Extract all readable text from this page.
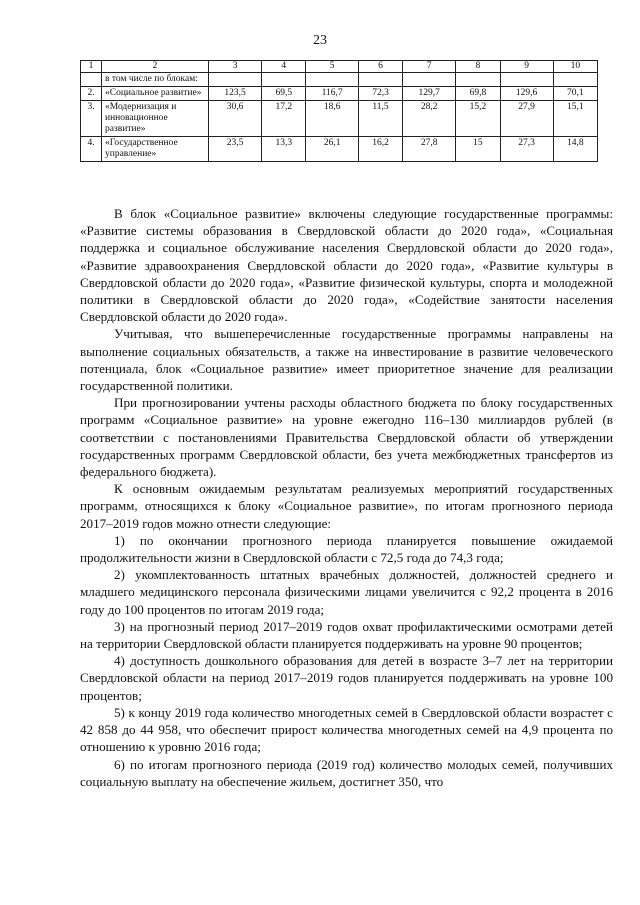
23
1	2	3	4	5	6	7	8	9	10
	в том числе по блокам:								
2.	«Социальное развитие»	123,5	69,5	116,7	72,3	129,7	69,8	129,6	70,1
3.	«Модернизация и инновационное развитие»	30,6	17,2	18,6	11,5	28,2	15,2	27,9	15,1
4.	«Государственное управление»	23,5	13,3	26,1	16,2	27,8	15	27,3	14,8

В блок «Социальное развитие» включены следующие государственные программы: «Развитие системы образования в Свердловской области до 2020 года», «Социальная поддержка и социальное обслуживание населения Свердловской области до 2020 года», «Развитие здравоохранения Свердловской области до 2020 года», «Развитие культуры в Свердловской области до 2020 года», «Развитие физической культуры, спорта и молодежной политики в Свердловской области до 2020 года», «Содействие занятости населения Свердловской области до 2020 года».

Учитывая, что вышеперечисленные государственные программы направлены на выполнение социальных обязательств, а также на инвестирование в развитие человеческого потенциала, блок «Социальное развитие» имеет приоритетное значение для реализации государственной политики.

При прогнозировании учтены расходы областного бюджета по блоку государственных программ «Социальное развитие» на уровне ежегодно 116–130 миллиардов рублей (в соответствии с постановлениями Правительства Свердловской области об утверждении государственных программ Свердловской области, без учета межбюджетных трансфертов из федерального бюджета).

К основным ожидаемым результатам реализуемых мероприятий государственных программ, относящихся к блоку «Социальное развитие», по итогам прогнозного периода 2017–2019 годов можно отнести следующие:

1) по окончании прогнозного периода планируется повышение ожидаемой продолжительности жизни в Свердловской области с 72,5 года до 74,3 года;

2) укомплектованность штатных врачебных должностей, должностей среднего и младшего медицинского персонала физическими лицами увеличится с 92,2 процента в 2016 году до 100 процентов по итогам 2019 года;

3) на прогнозный период 2017–2019 годов охват профилактическими осмотрами детей на территории Свердловской области планируется поддерживать на уровне 90 процентов;

4) доступность дошкольного образования для детей в возрасте 3–7 лет на территории Свердловской области на период 2017–2019 годов планируется поддерживать на уровне 100 процентов;

5) к концу 2019 года количество многодетных семей в Свердловской области возрастет с 42 858 до 44 958, что обеспечит прирост количества многодетных семей на 4,9 процента по отношению к уровню 2016 года;

6) по итогам прогнозного периода (2019 год) количество молодых семей, получивших социальную выплату на обеспечение жильем, достигнет 350, что
